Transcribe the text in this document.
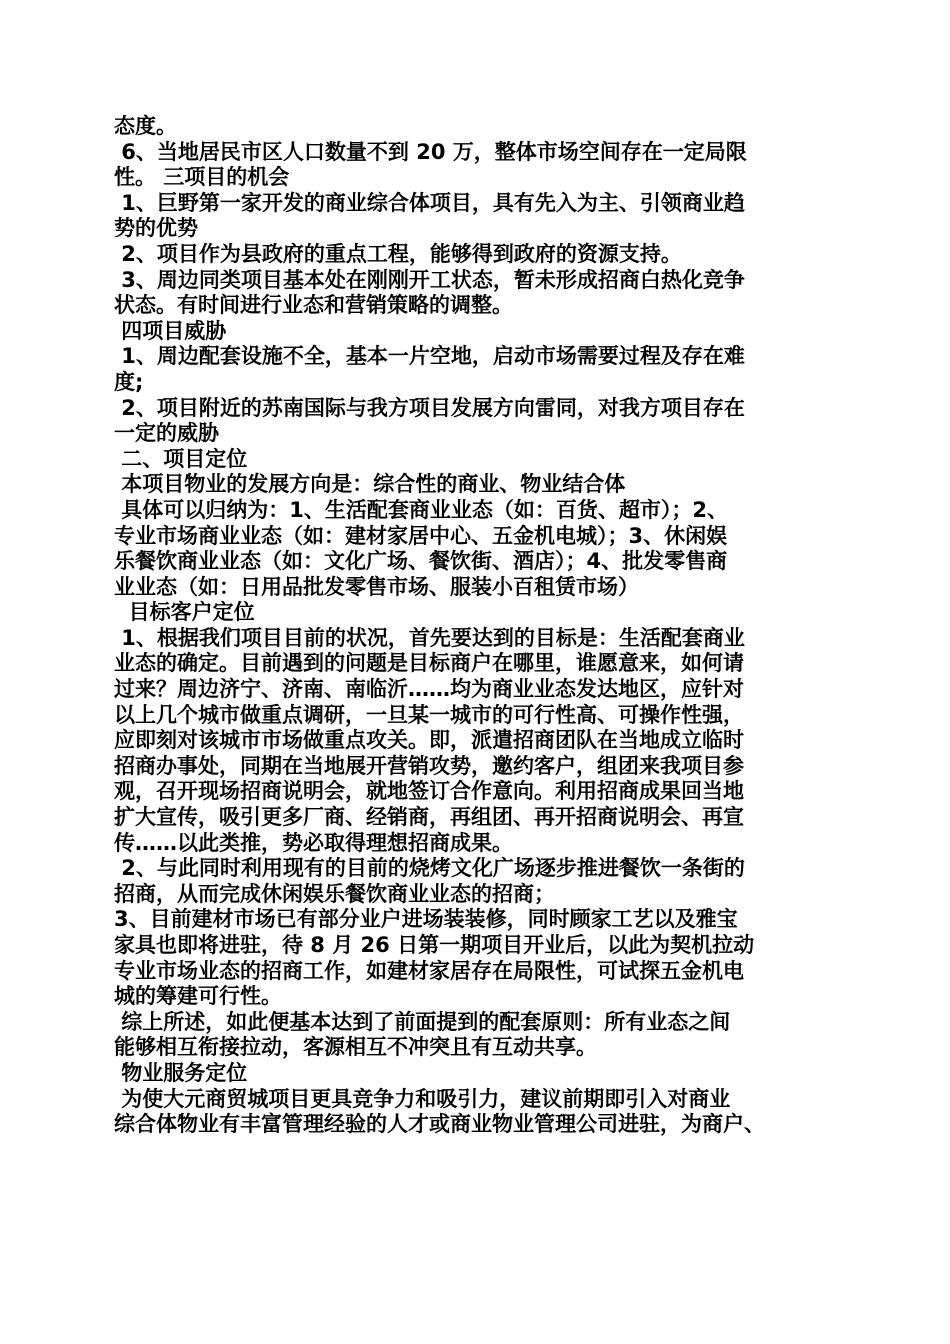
态度。
6、当地居民市区人口数量不到 20 万，整体市场空间存在一定局限
性。 三项目的机会
1、巨野第一家开发的商业综合体项目，具有先入为主、引领商业趋
势的优势
2、项目作为县政府的重点工程，能够得到政府的资源支持。
3、周边同类项目基本处在刚刚开工状态，暂未形成招商白热化竞争
状态。有时间进行业态和营销策略的调整。
四项目威胁
1、周边配套设施不全，基本一片空地，启动市场需要过程及存在难
度;
2、项目附近的苏南国际与我方项目发展方向雷同，对我方项目存在
一定的威胁
二、项目定位
本项目物业的发展方向是：综合性的商业、物业结合体
具体可以归纳为：1、生活配套商业业态（如：百货、超市）；2、
专业市场商业业态（如：建材家居中心、五金机电城）；3、休闲娱
乐餐饮商业业态（如：文化广场、餐饮街、酒店）；4、批发零售商
业业态（如：日用品批发零售市场、服装小百租赁市场）
目标客户定位
1、根据我们项目目前的状况，首先要达到的目标是：生活配套商业
业态的确定。目前遇到的问题是目标商户在哪里，谁愿意来，如何请
过来？周边济宁、济南、南临沂……均为商业业态发达地区，应针对
以上几个城市做重点调研，一旦某一城市的可行性高、可操作性强，
应即刻对该城市市场做重点攻关。即，派遣招商团队在当地成立临时
招商办事处，同期在当地展开营销攻势，邀约客户，组团来我项目参
观，召开现场招商说明会，就地签订合作意向。利用招商成果回当地
扩大宣传，吸引更多厂商、经销商，再组团、再开招商说明会、再宣
传……以此类推，势必取得理想招商成果。
2、与此同时利用现有的目前的烧烤文化广场逐步推进餐饮一条街的
招商，从而完成休闲娱乐餐饮商业业态的招商；
3、目前建材市场已有部分业户进场装装修，同时顾家工艺以及雅宝
家具也即将进驻，待 8 月 26 日第一期项目开业后，以此为契机拉动
专业市场业态的招商工作，如建材家居存在局限性，可试探五金机电
城的筹建可行性。
综上所述，如此便基本达到了前面提到的配套原则：所有业态之间
能够相互衔接拉动，客源相互不冲突且有互动共享。
物业服务定位
为使大元商贸城项目更具竞争力和吸引力，建议前期即引入对商业
综合体物业有丰富管理经验的人才或商业物业管理公司进驻，为商户、
